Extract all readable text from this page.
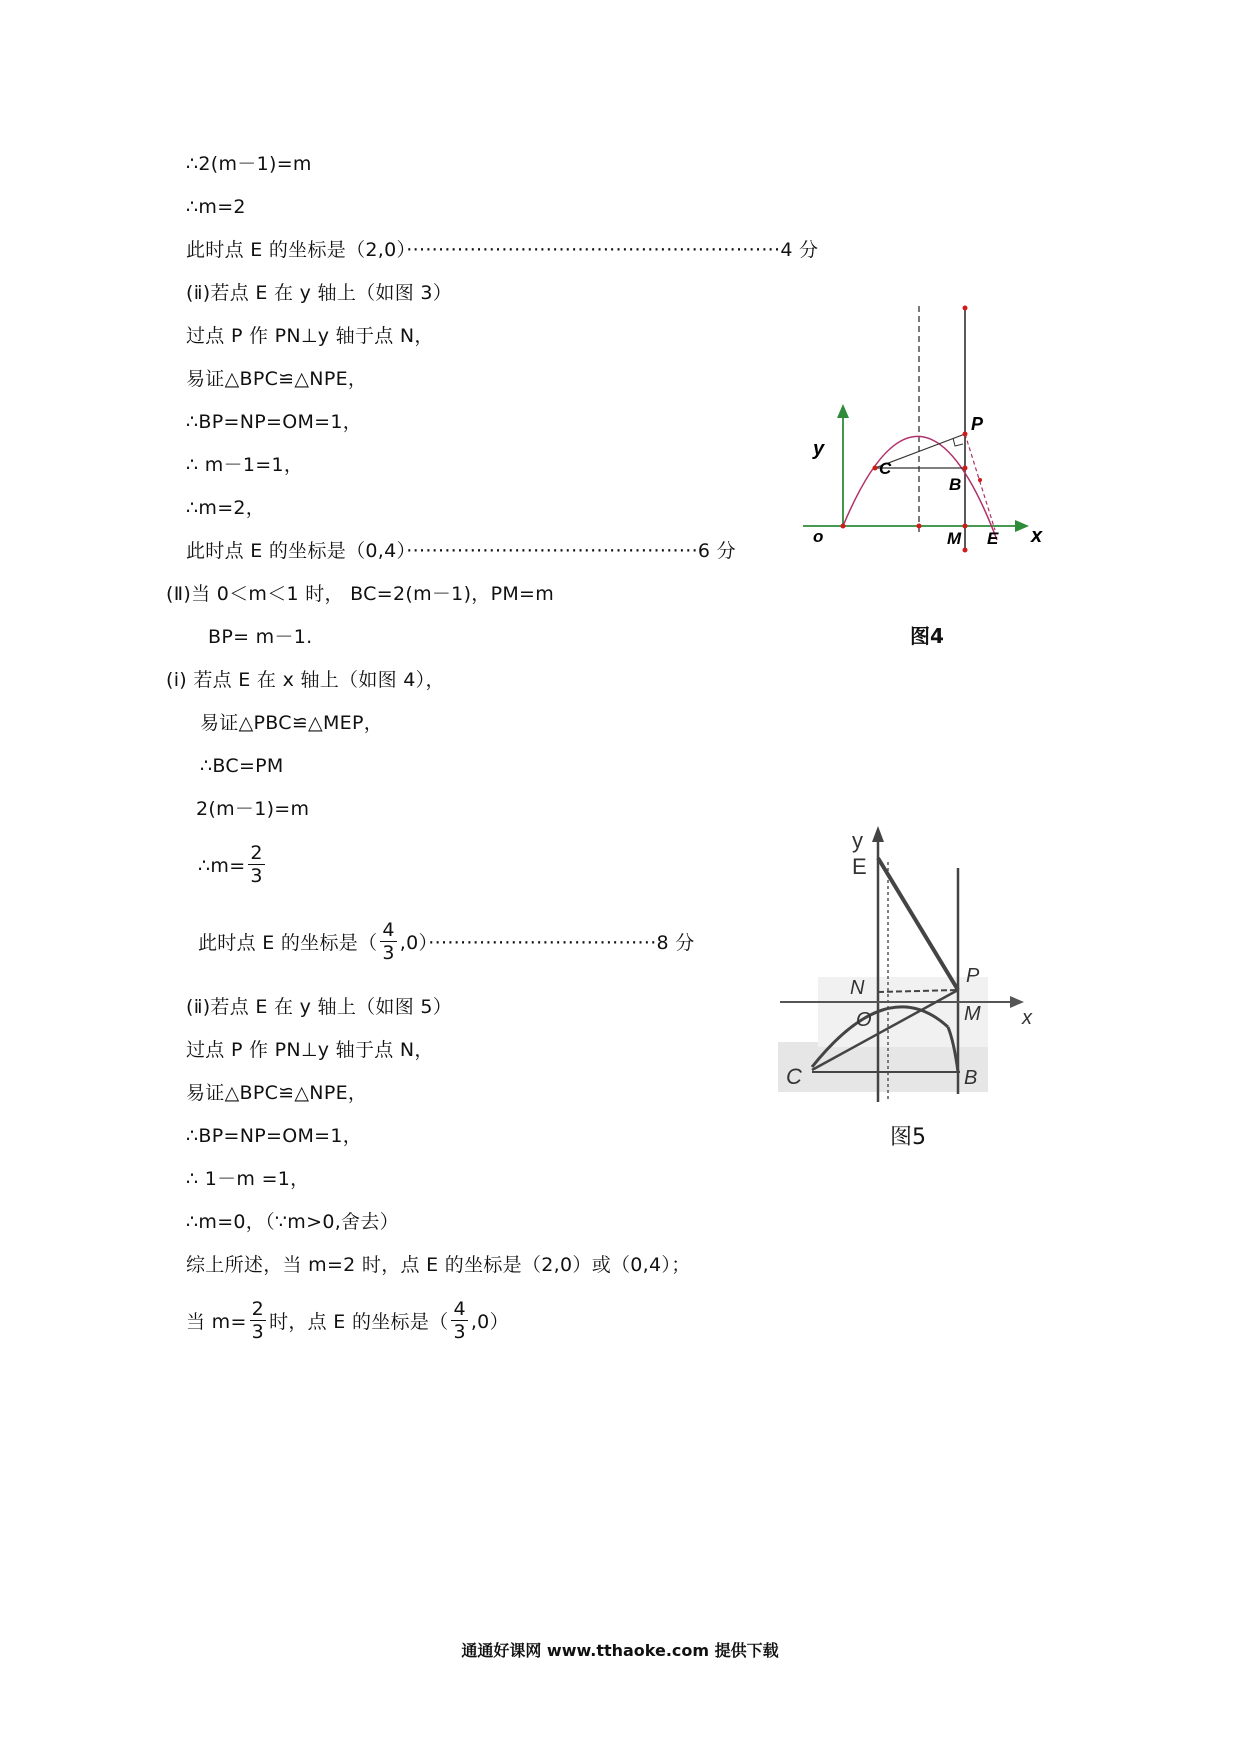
∴2(m－1)=m
∴m=2
此时点 E 的坐标是（2,0）···························································4 分
(ⅱ)若点 E 在 y 轴上（如图 3）
过点 P 作 PN⊥y 轴于点 N，
易证△BPC≌△NPE，
∴BP=NP=OM=1，
∴ m－1=1，
∴m=2，
此时点 E 的坐标是（0,4）··············································6 分
(Ⅱ)当 0＜m＜1 时， BC=2(m－1)，PM=m
BP= m－1.
(ⅰ) 若点 E 在 x 轴上（如图 4），
易证△PBC≌△MEP，
∴BC=PM
2(m－1)=m
∴m= $\frac{2}{3}$
此时点 E 的坐标是（ $\frac{4}{3} ,0)\cdot\cdot\cdot\cdot\cdot\cdot\cdot\cdot\cdot\cdot\cdot\cdot\cdot\cdot\cdot\cdot\cdot\cdot\cdot\cdot\cdot\cdot\cdot\cdot\cdot\cdot\cdot\cdot\cdot\cdot\cdot\cdot\cdot\cdot\cdot\cdot 8$ 分
(ⅱ)若点 E 在 y 轴上（如图 5）
过点 P 作 PN⊥y 轴于点 N，
易证△BPC≌△NPE，
∴BP=NP=OM=1，
∴ 1－m =1，
∴m=0，（∵m>0,舍去）
综上所述，当 m=2 时，点 E 的坐标是（2,0）或（0,4）；
当 $m= \frac{2}{3}$ 时，点 E 的坐标是（ $\frac{4}{3} ,0$）
y
x
o
P
C
B
M E
图4
y
E
N
P
O	M x
C	B
图5
通通好课网 www.tthaoke.com 提供下载
